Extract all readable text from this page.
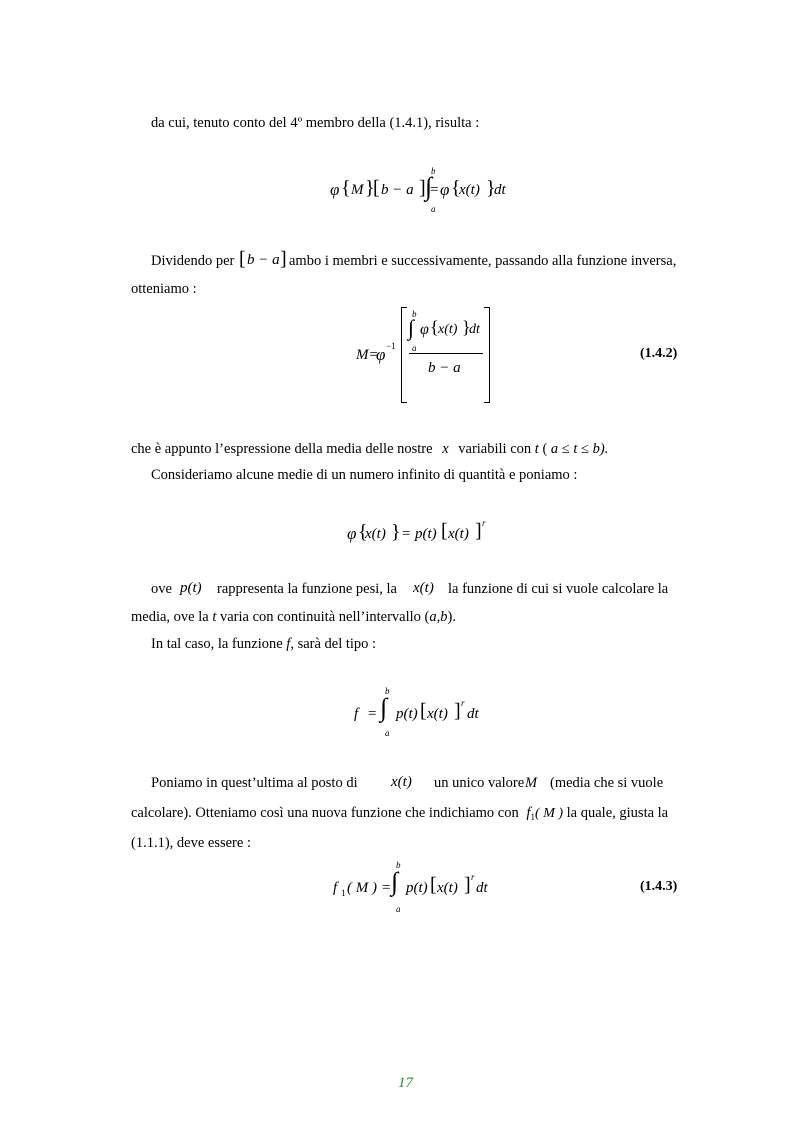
da cui, tenuto conto del 4º membro della (1.4.1), risulta :
φ { M }
[ b − a ] =
b
∫
a
φ {
x(t) }
dt
Dividendo per [ b − a ] ambo i membri e successivamente, passando alla funzione inversa,
otteniamo :
M=
φ −1
b
∫
a
φ { x(t) }
dt
b − a
(1.4.2)
che è appunto l’espressione della media delle nostre x variabili con t ( a ≤ t ≤ b).
Consideriamo alcune medie di un numero infinito di quantità e poniamo :
φ {
x(t) } = p(t) [ x(t) ] r
ove p(t) rappresenta la funzione pesi, la x(t) la funzione di cui si vuole calcolare la
media, ove la t varia con continuità nell’intervallo (a,b).
In tal caso, la funzione f, sarà del tipo :
f =
b
∫
a
p(t) [ x(t) ] r
dt
Poniamo in quest’ultima al posto di x(t) un unico valore M (media che si vuole
calcolare). Otteniamo così una nuova funzione che indichiamo con $f_1$( M ) la quale, giusta la
(1.1.1), deve essere :
f 1 ( M ) =
b
∫
a
p(t) [ x(t) ] r
dt	(1.4.3)
17
